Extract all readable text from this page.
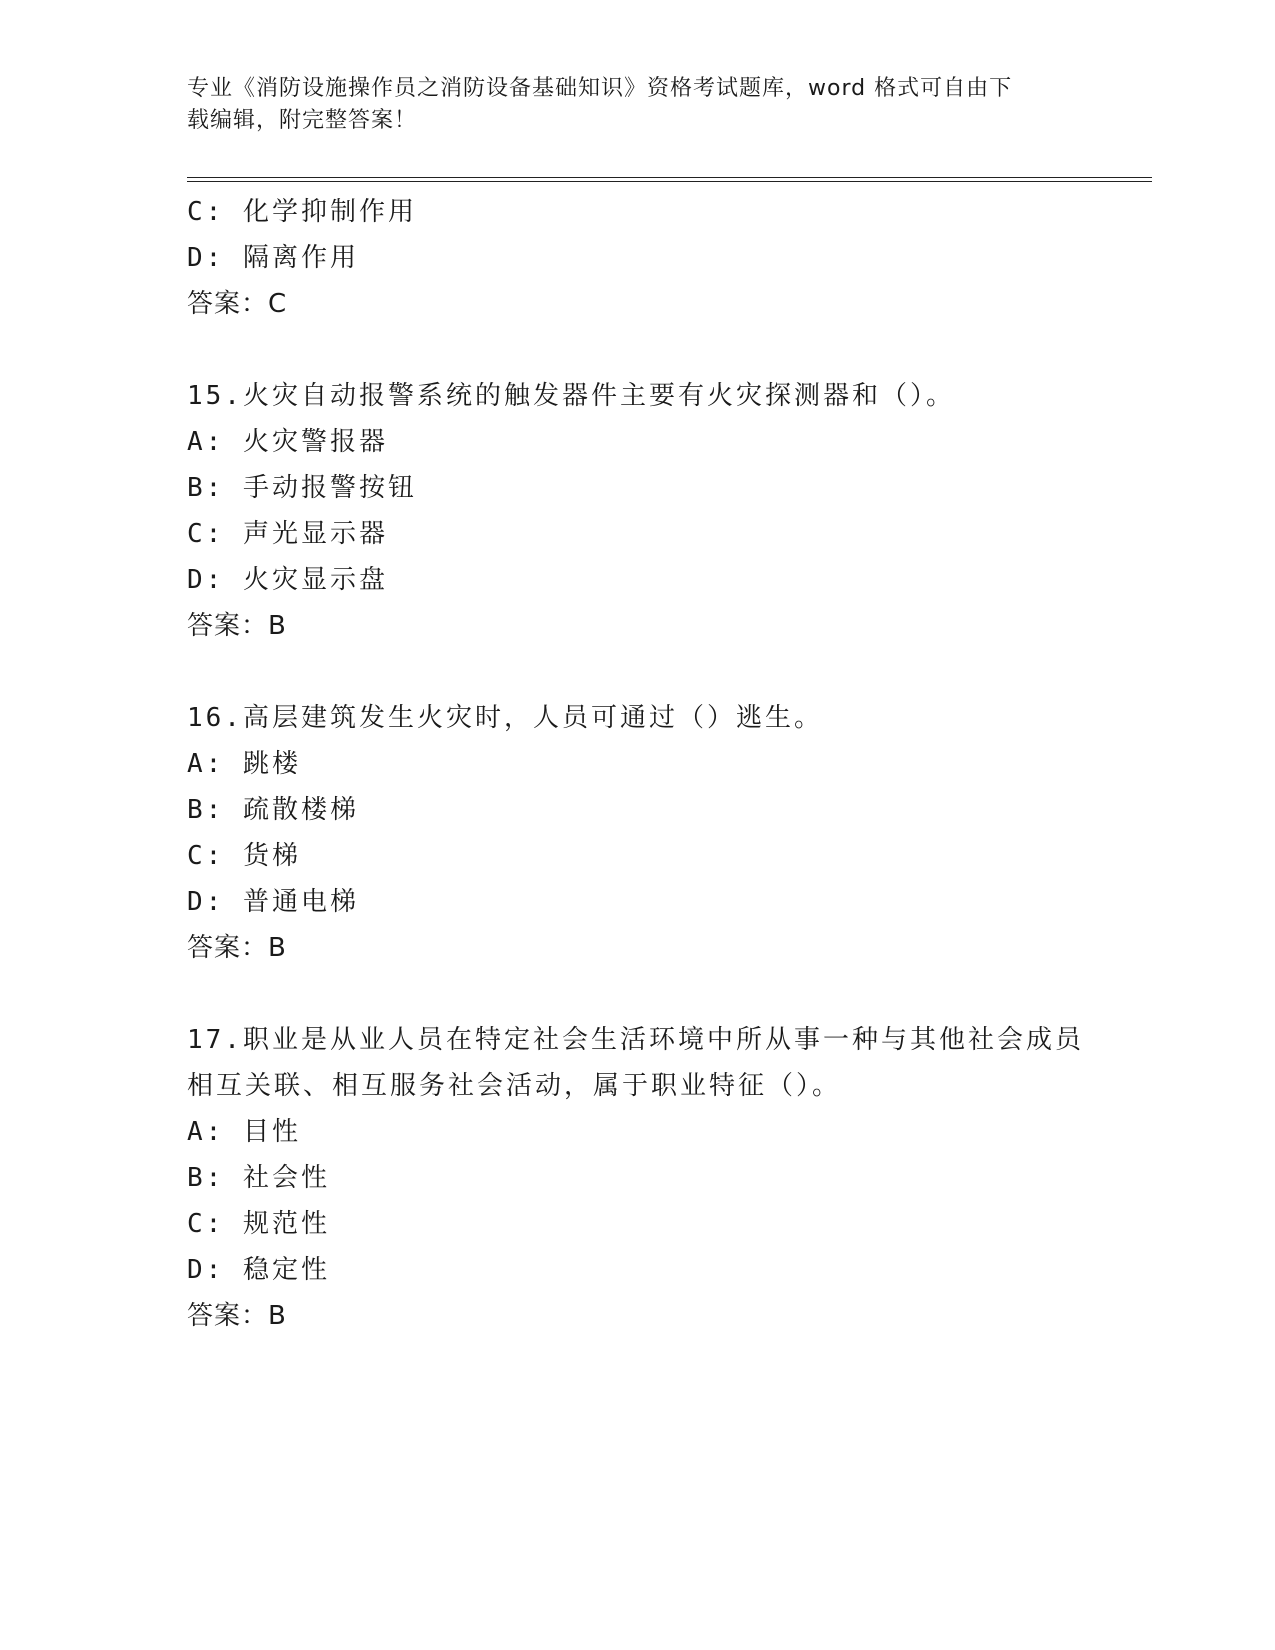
专业《消防设施操作员之消防设备基础知识》资格考试题库，word 格式可自由下
载编辑，附完整答案！
C: 化学抑制作用
D: 隔离作用
答案：C
15.火灾自动报警系统的触发器件主要有火灾探测器和（）。
A: 火灾警报器
B: 手动报警按钮
C: 声光显示器
D: 火灾显示盘
答案：B
16.高层建筑发生火灾时，人员可通过（）逃生。
A: 跳楼
B: 疏散楼梯
C: 货梯
D: 普通电梯
答案：B
17.职业是从业人员在特定社会生活环境中所从事一种与其他社会成员
相互关联、相互服务社会活动，属于职业特征（）。
A: 目性
B: 社会性
C: 规范性
D: 稳定性
答案：B
